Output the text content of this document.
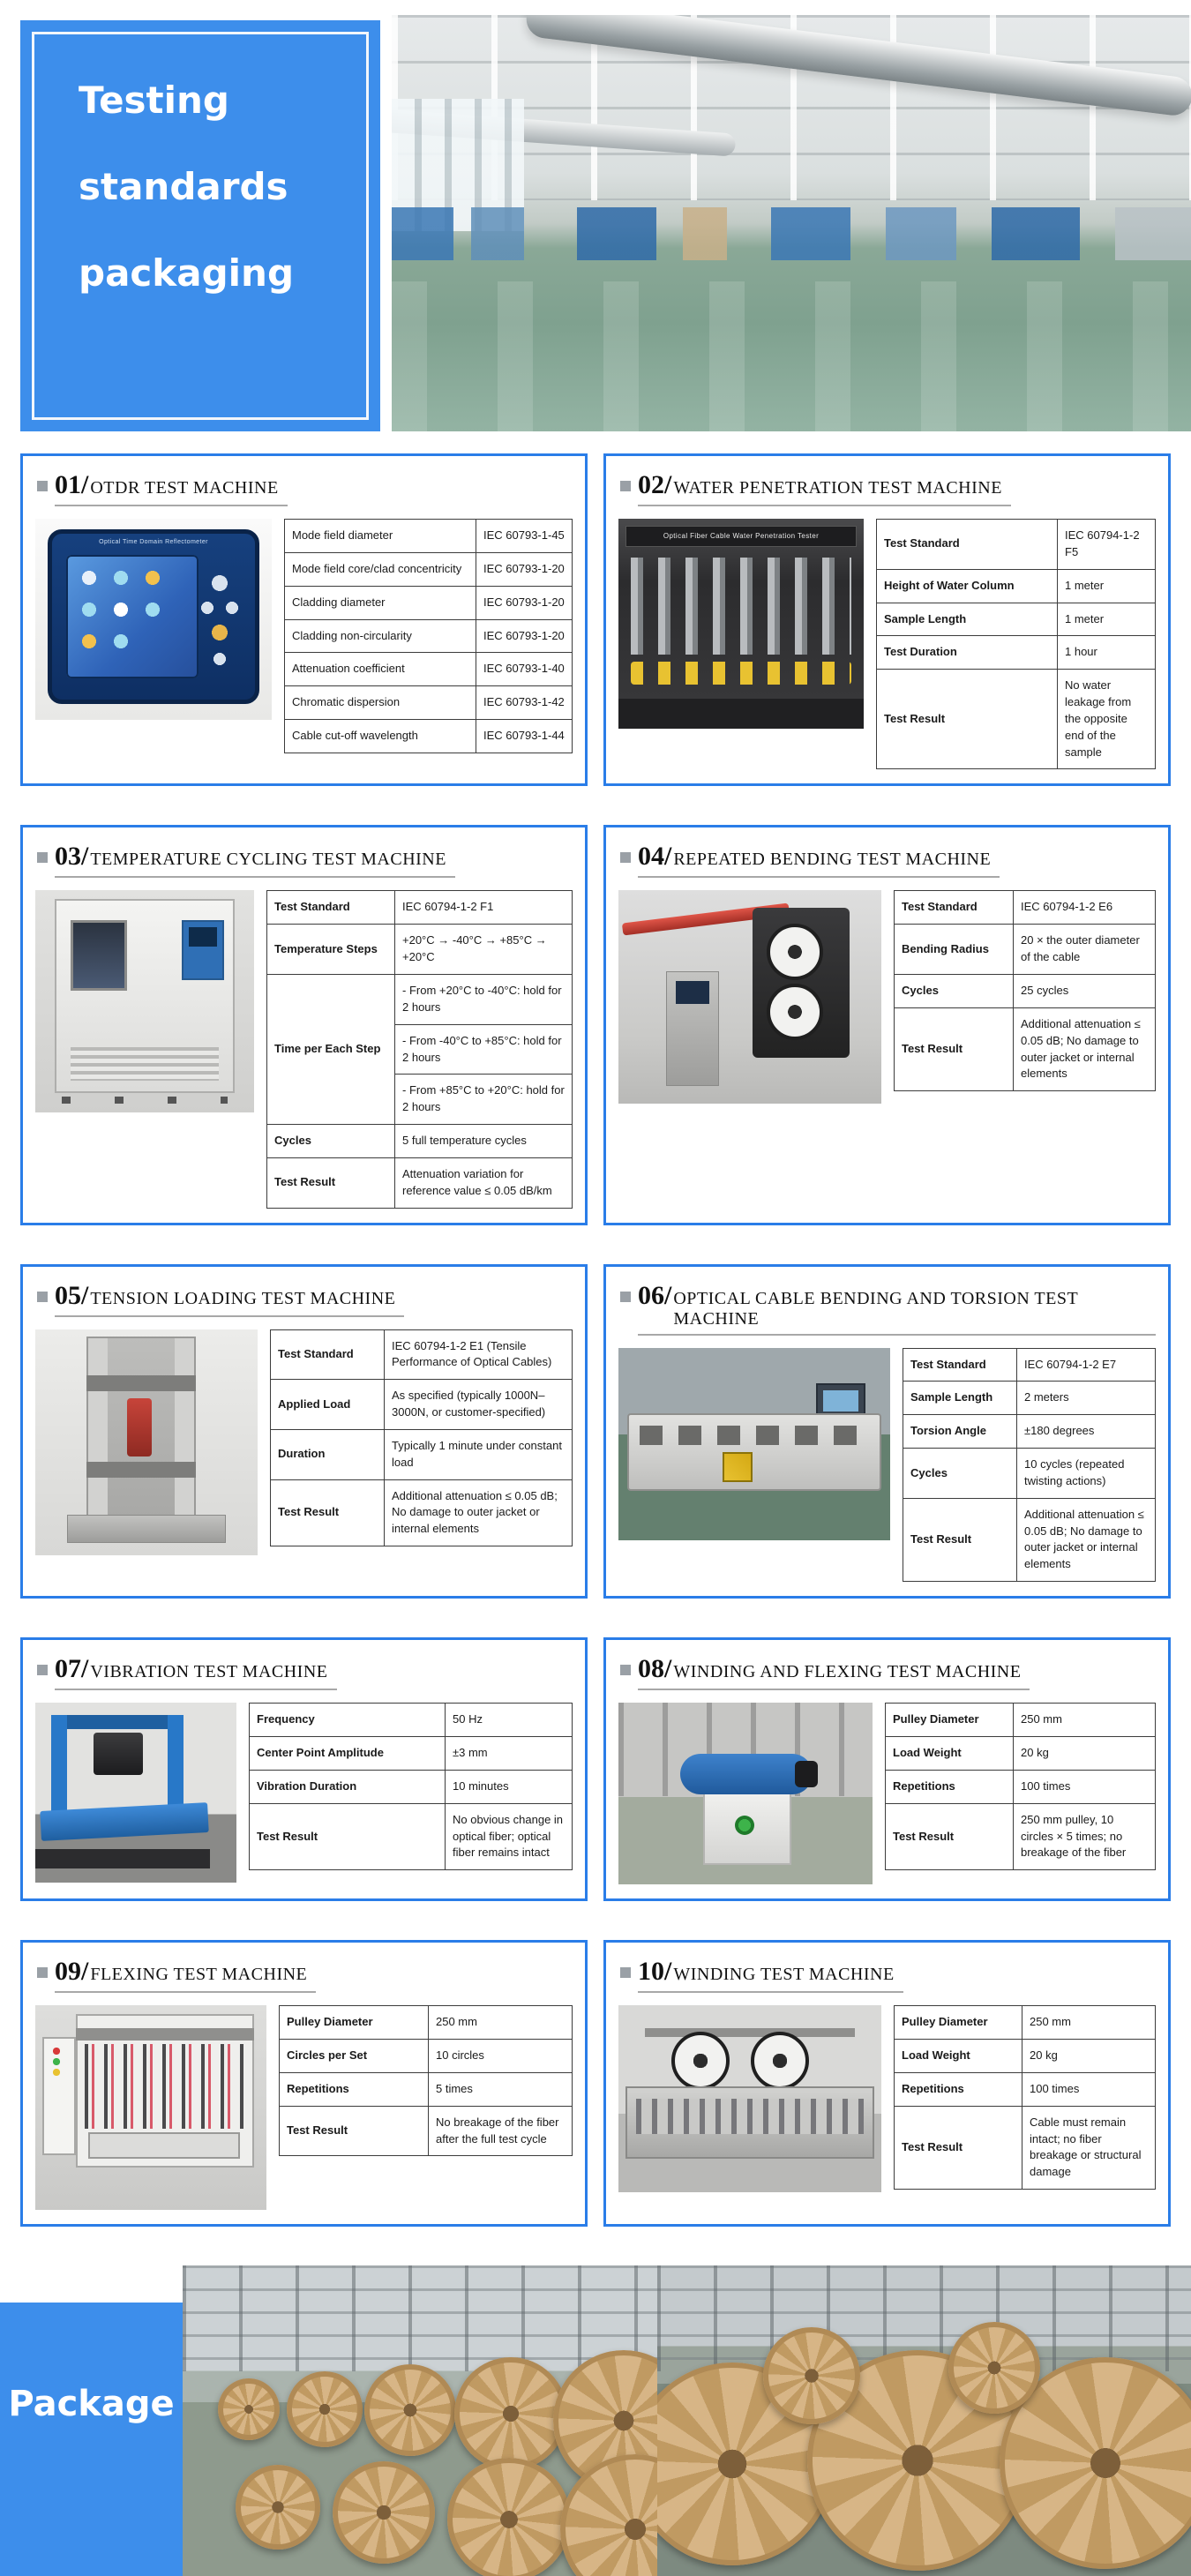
Testing
standards
packaging
01/ OTDR TEST MACHINE
Optical Time Domain Reflectometer
Mode field diameter	IEC 60793-1-45
Mode field core/clad concentricity	IEC 60793-1-20
Cladding diameter	IEC 60793-1-20
Cladding non-circularity	IEC 60793-1-20
Attenuation coefficient	IEC 60793-1-40
Chromatic dispersion	IEC 60793-1-42
Cable cut-off wavelength	IEC 60793-1-44
02/ WATER PENETRATION TEST MACHINE
Optical Fiber Cable Water Penetration Tester
Test Standard	IEC 60794-1-2 F5
Height of Water Column	1 meter
Sample Length	1 meter
Test Duration	1 hour
Test Result	No water leakage from the opposite end of the sample
03/ TEMPERATURE CYCLING TEST MACHINE
Test Standard	IEC 60794-1-2 F1
Temperature Steps	+20°C → -40°C → +85°C → +20°C
Time per Each Step	- From +20°C to -40°C: hold for 2 hours
- From -40°C to +85°C: hold for 2 hours
- From +85°C to +20°C: hold for 2 hours

Cycles	5 full temperature cycles
Test Result	Attenuation variation for reference value ≤ 0.05 dB/km
04/ REPEATED BENDING TEST MACHINE
Test Standard	IEC 60794-1-2 E6
Bending Radius	20 × the outer diameter of the cable
Cycles	25 cycles
Test Result	Additional attenuation ≤ 0.05 dB; No damage to outer jacket or internal elements
05/ TENSION LOADING TEST MACHINE
Test Standard	IEC 60794-1-2 E1 (Tensile Performance of Optical Cables)
Applied Load	As specified (typically 1000N–3000N, or customer-specified)
Duration	Typically 1 minute under constant load
Test Result	Additional attenuation ≤ 0.05 dB; No damage to outer jacket or internal elements
06/ OPTICAL CABLE BENDING AND TORSION TEST MACHINE
Test Standard	IEC 60794-1-2 E7
Sample Length	2 meters
Torsion Angle	±180 degrees
Cycles	10 cycles (repeated twisting actions)
Test Result	Additional attenuation ≤ 0.05 dB; No damage to outer jacket or internal elements
07/ VIBRATION TEST MACHINE
Frequency	50 Hz
Center Point Amplitude	±3 mm
Vibration Duration	10 minutes
Test Result	No obvious change in optical fiber; optical fiber remains intact
08/ WINDING AND FLEXING TEST MACHINE
Pulley Diameter	250 mm
Load Weight	20 kg
Repetitions	100 times
Test Result	250 mm pulley, 10 circles × 5 times; no breakage of the fiber
09/ FLEXING TEST MACHINE
Pulley Diameter	250 mm
Circles per Set	10 circles
Repetitions	5 times
Test Result	No breakage of the fiber after the full test cycle
10/ WINDING TEST MACHINE
Pulley Diameter	250 mm
Load Weight	20 kg
Repetitions	100 times
Test Result	Cable must remain intact; no fiber breakage or structural damage
Package
